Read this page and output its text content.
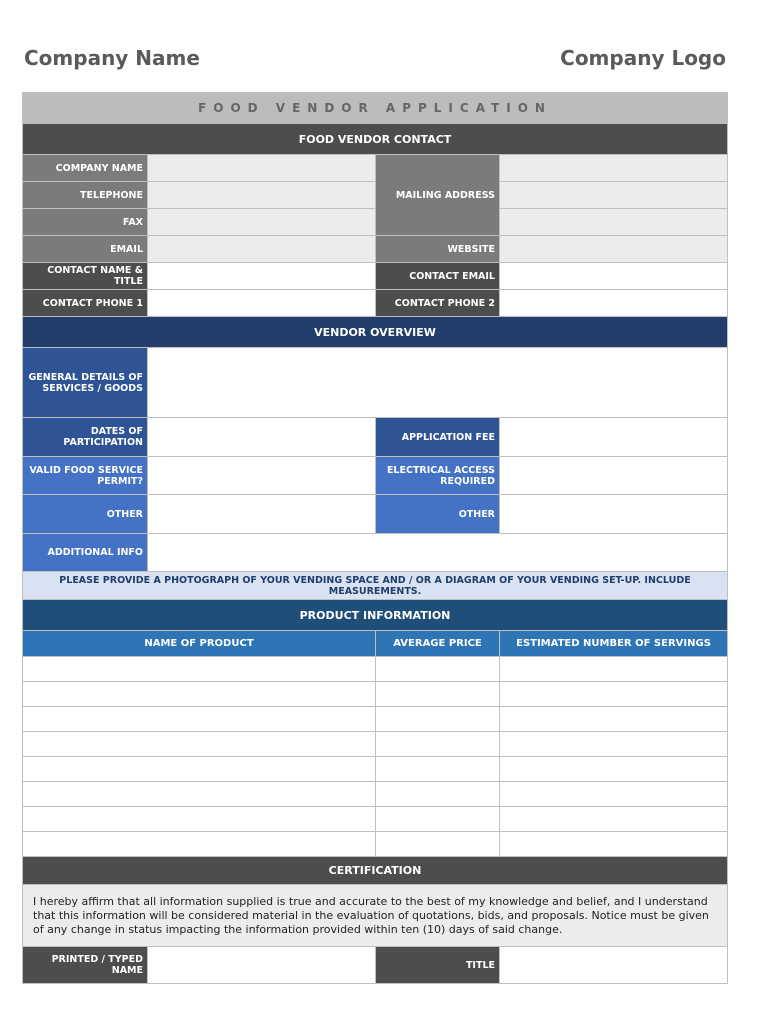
Company Name	Company Logo
FOOD VENDOR APPLICATION			
FOOD VENDOR CONTACT			
COMPANY NAME		MAILING ADDRESS	
TELEPHONE			
FAX			
EMAIL		WEBSITE	
CONTACT NAME & TITLE		CONTACT EMAIL	
CONTACT PHONE 1		CONTACT PHONE 2	
VENDOR OVERVIEW			
GENERAL DETAILS OF SERVICES / GOODS			
DATES OF PARTICIPATION		APPLICATION FEE	
VALID FOOD SERVICE PERMIT?		ELECTRICAL ACCESS REQUIRED	
OTHER		OTHER	
ADDITIONAL INFO			
PLEASE PROVIDE A PHOTOGRAPH OF YOUR VENDING SPACE AND / OR A DIAGRAM OF YOUR VENDING SET-UP. INCLUDE MEASUREMENTS.			
PRODUCT INFORMATION			
NAME OF PRODUCT		AVERAGE PRICE	ESTIMATED NUMBER OF SERVINGS

CERTIFICATION			
I hereby affirm that all information supplied is true and accurate to the best of my knowledge and belief, and I understand that this information will be considered material in the evaluation of quotations, bids, and proposals. Notice must be given of any change in status impacting the information provided within ten (10) days of said change.			
PRINTED / TYPED NAME		TITLE	
